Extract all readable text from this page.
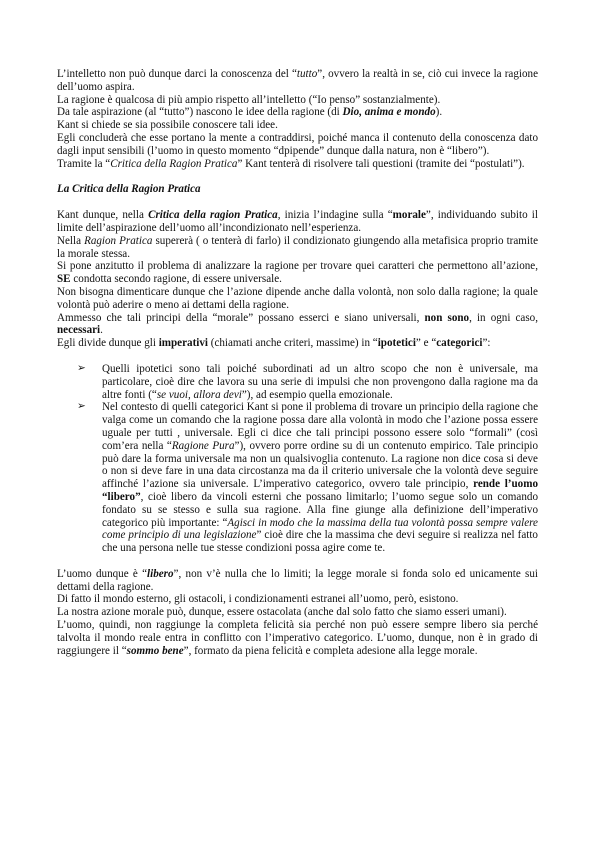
L’intelletto non può dunque darci la conoscenza del “tutto”, ovvero la realtà in se, ciò cui invece la ragione dell’uomo aspira.

La ragione è qualcosa di più ampio rispetto all’intelletto (“Io penso” sostanzialmente).

Da tale aspirazione (al “tutto”) nascono le idee della ragione (di Dio, anima e mondo).

Kant si chiede se sia possibile conoscere tali idee.

Egli concluderà che esse portano la mente a contraddirsi, poiché manca il contenuto della conoscenza dato dagli input sensibili (l’uomo in questo momento “dpipende” dunque dalla natura, non è “libero”).

Tramite la “Critica della Ragion Pratica” Kant tenterà di risolvere tali questioni (tramite dei “postulati”).

La Critica della Ragion Pratica

Kant dunque, nella Critica della ragion Pratica, inizia l’indagine sulla “morale”, individuando subito il limite dell’aspirazione dell’uomo all’incondizionato nell’esperienza.

Nella Ragion Pratica supererà ( o tenterà di farlo) il condizionato giungendo alla metafisica proprio tramite la morale stessa.

Si pone anzitutto il problema di analizzare la ragione per trovare quei caratteri che permettono all’azione, SE condotta secondo ragione, di essere universale.

Non bisogna dimenticare dunque che l’azione dipende anche dalla volontà, non solo dalla ragione; la quale volontà può aderire o meno ai dettami della ragione.

Ammesso che tali principi della “morale” possano esserci e siano universali, non sono, in ogni caso, necessari.

Egli divide dunque gli imperativi (chiamati anche criteri, massime) in “ipotetici” e “categorici”:

➢ Quelli ipotetici sono tali poiché subordinati ad un altro scopo che non è universale, ma particolare, cioè dire che lavora su una serie di impulsi che non provengono dalla ragione ma da altre fonti (“se vuoi, allora devi”), ad esempio quella emozionale.
➢ Nel contesto di quelli categorici Kant si pone il problema di trovare un principio della ragione che valga come un comando che la ragione possa dare alla volontà in modo che l’azione possa essere uguale per tutti , universale. Egli ci dice che tali principi possono essere solo “formali” (così com’era nella “Ragione Pura”), ovvero porre ordine su di un contenuto empirico. Tale principio può dare la forma universale ma non un qualsivoglia contenuto. La ragione non dice cosa si deve o non si deve fare in una data circostanza ma da il criterio universale che la volontà deve seguire affinché l’azione sia universale. L’imperativo categorico, ovvero tale principio, rende l’uomo “libero”, cioè libero da vincoli esterni che possano limitarlo; l’uomo segue solo un comando fondato su se stesso e sulla sua ragione. Alla fine giunge alla definizione dell’imperativo categorico più importante: “Agisci in modo che la massima della tua volontà possa sempre valere come principio di una legislazione” cioè dire che la massima che devi seguire si realizza nel fatto che una persona nelle tue stesse condizioni possa agire come te.

L’uomo dunque è “libero”, non v’è nulla che lo limiti; la legge morale si fonda solo ed unicamente sui dettami della ragione.

Di fatto il mondo esterno, gli ostacoli, i condizionamenti estranei all’uomo, però, esistono.

La nostra azione morale può, dunque, essere ostacolata (anche dal solo fatto che siamo esseri umani).

L’uomo, quindi, non raggiunge la completa felicità sia perché non può essere sempre libero sia perché talvolta il mondo reale entra in conflitto con l’imperativo categorico. L’uomo, dunque, non è in grado di raggiungere il “sommo bene”, formato da piena felicità e completa adesione alla legge morale.
